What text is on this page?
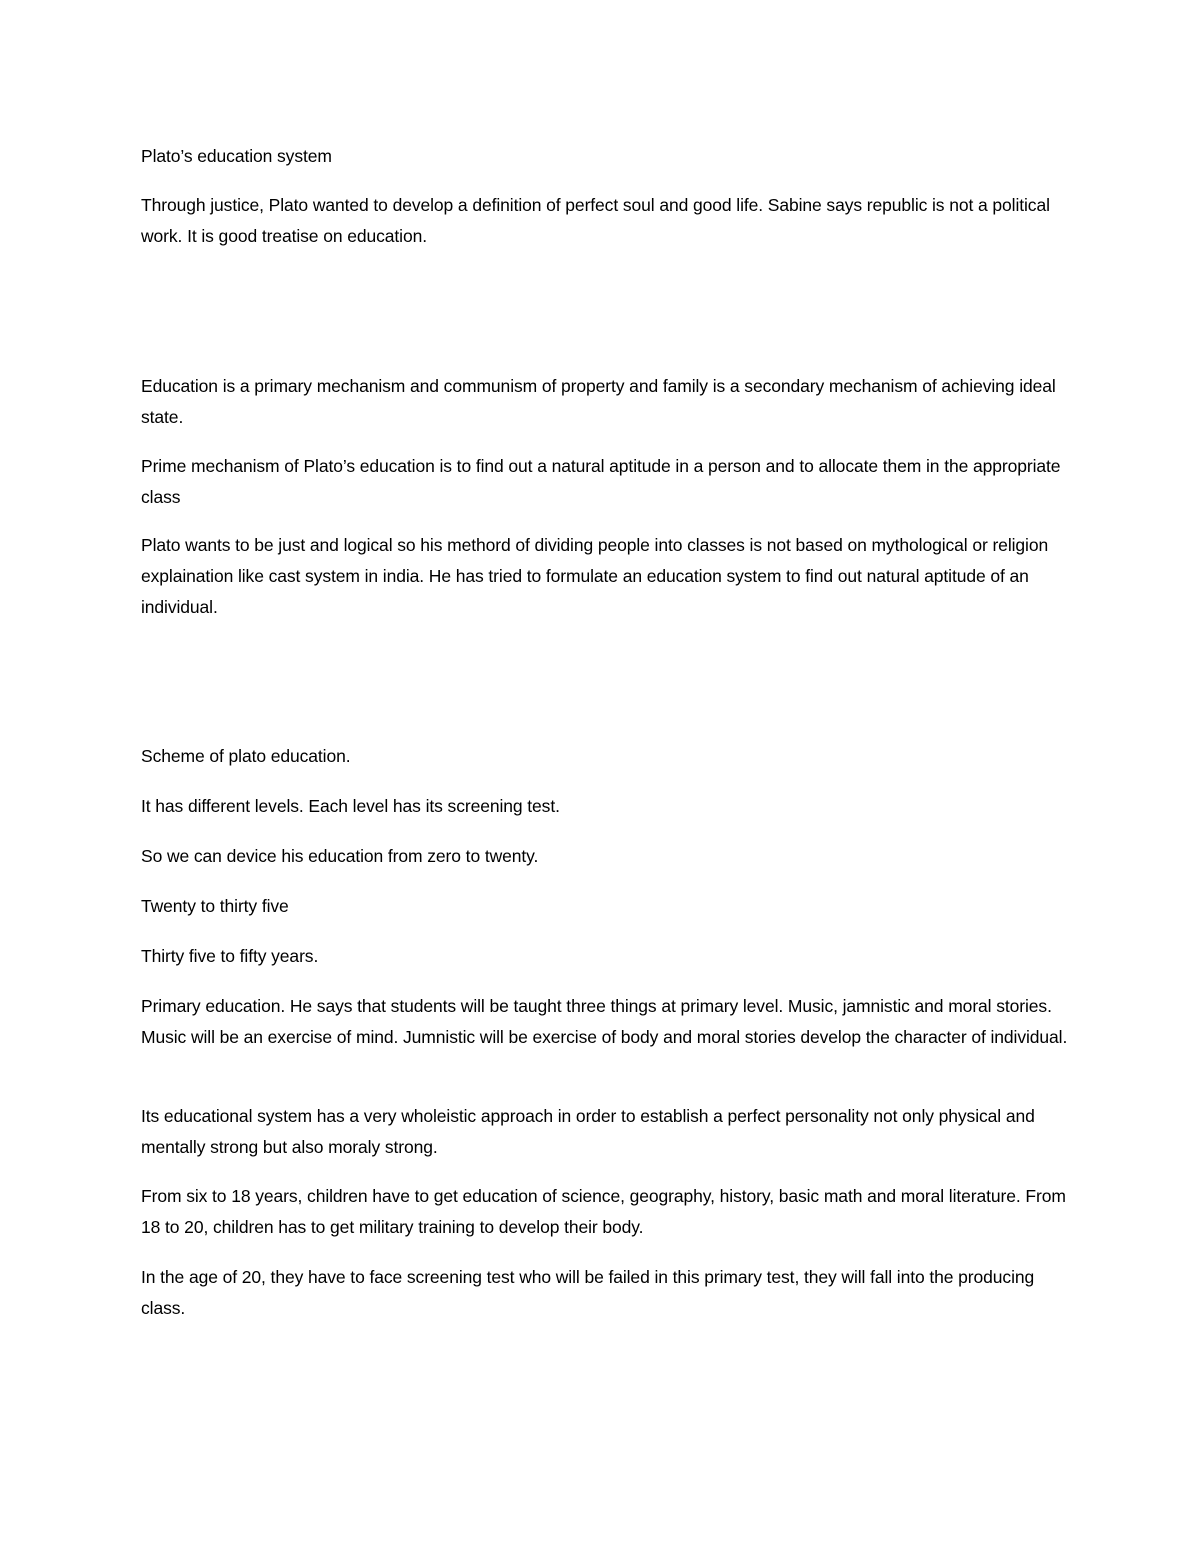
Plato’s education system

Through justice, Plato wanted to develop a definition of perfect soul and good life. Sabine says republic is not a political work. It is good treatise on education.

Education is a primary mechanism and communism of property and family is a secondary mechanism of achieving ideal state.

Prime mechanism of Plato’s education is to find out a natural aptitude in a person and to allocate them in the appropriate class

Plato wants to be just and logical so his methord of dividing people into classes is not based on mythological or religion explaination like cast system in india. He has tried to formulate an education system to find out natural aptitude of an individual.

Scheme of plato education.

It has different levels. Each level has its screening test.

So we can device his education from zero to twenty.

Twenty to thirty five

Thirty five to fifty years.

Primary education. He says that students will be taught three things at primary level. Music, jamnistic and moral stories. Music will be an exercise of mind. Jumnistic will be exercise of body and moral stories develop the character of individual.

Its educational system has a very wholeistic approach in order to establish a perfect personality not only physical and mentally strong but also moraly strong.

From six to 18 years, children have to get education of science, geography, history, basic math and moral literature. From 18 to 20, children has to get military training to develop their body.

In the age of 20, they have to face screening test who will be failed in this primary test, they will fall into the producing class.
